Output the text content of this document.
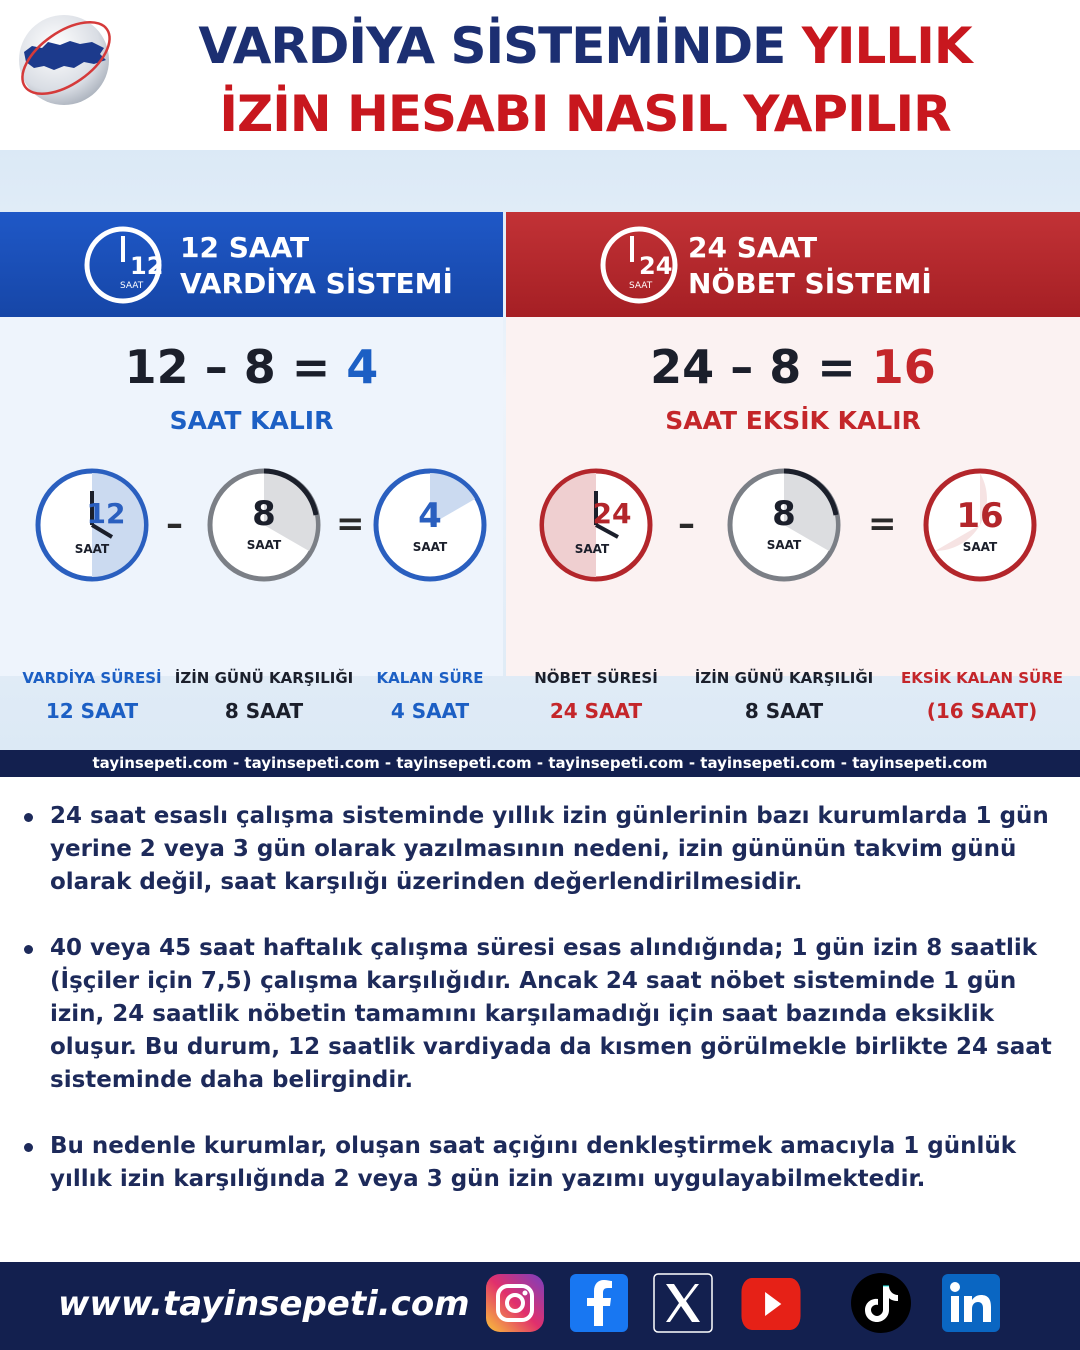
VARDİYA SİSTEMİNDE YILLIK
İZİN HESABI NASIL YAPILIR
12
SAAT
12 SAAT
VARDİYA SİSTEMİ
12 – 8 = 4
SAAT KALIR
12
SAAT
– 8
SAAT
= 4
SAAT
VARDİYA SÜRESİ
12 SAAT
İZİN GÜNÜ KARŞILIĞI
8 SAAT
KALAN SÜRE
4 SAAT
24
SAAT
24 SAAT
NÖBET SİSTEMİ
24 – 8 = 16
SAAT EKSİK KALIR
24
SAAT
– 8
SAAT
= 16
SAAT
NÖBET SÜRESİ
24 SAAT
İZİN GÜNÜ KARŞILIĞI
8 SAAT
EKSİK KALAN SÜRE
(16 SAAT)
tayinsepeti.com - tayinsepeti.com - tayinsepeti.com - tayinsepeti.com - tayinsepeti.com - tayinsepeti.com
24 saat esaslı çalışma sisteminde yıllık izin günlerinin bazı kurumlarda 1 gün yerine 2 veya 3 gün olarak yazılmasının nedeni, izin gününün takvim günü olarak değil, saat karşılığı üzerinden değerlendirilmesidir.
40 veya 45 saat haftalık çalışma süresi esas alındığında; 1 gün izin 8 saatlik (İşçiler için 7,5) çalışma karşılığıdır. Ancak 24 saat nöbet sisteminde 1 gün izin, 24 saatlik nöbetin tamamını karşılamadığı için saat bazında eksiklik oluşur. Bu durum, 12 saatlik vardiyada da kısmen görülmekle birlikte 24 saat sisteminde daha belirgindir.
Bu nedenle kurumlar, oluşan saat açığını denkleştirmek amacıyla 1 günlük yıllık izin karşılığında 2 veya 3 gün izin yazımı uygulayabilmektedir.
www.tayinsepeti.com
